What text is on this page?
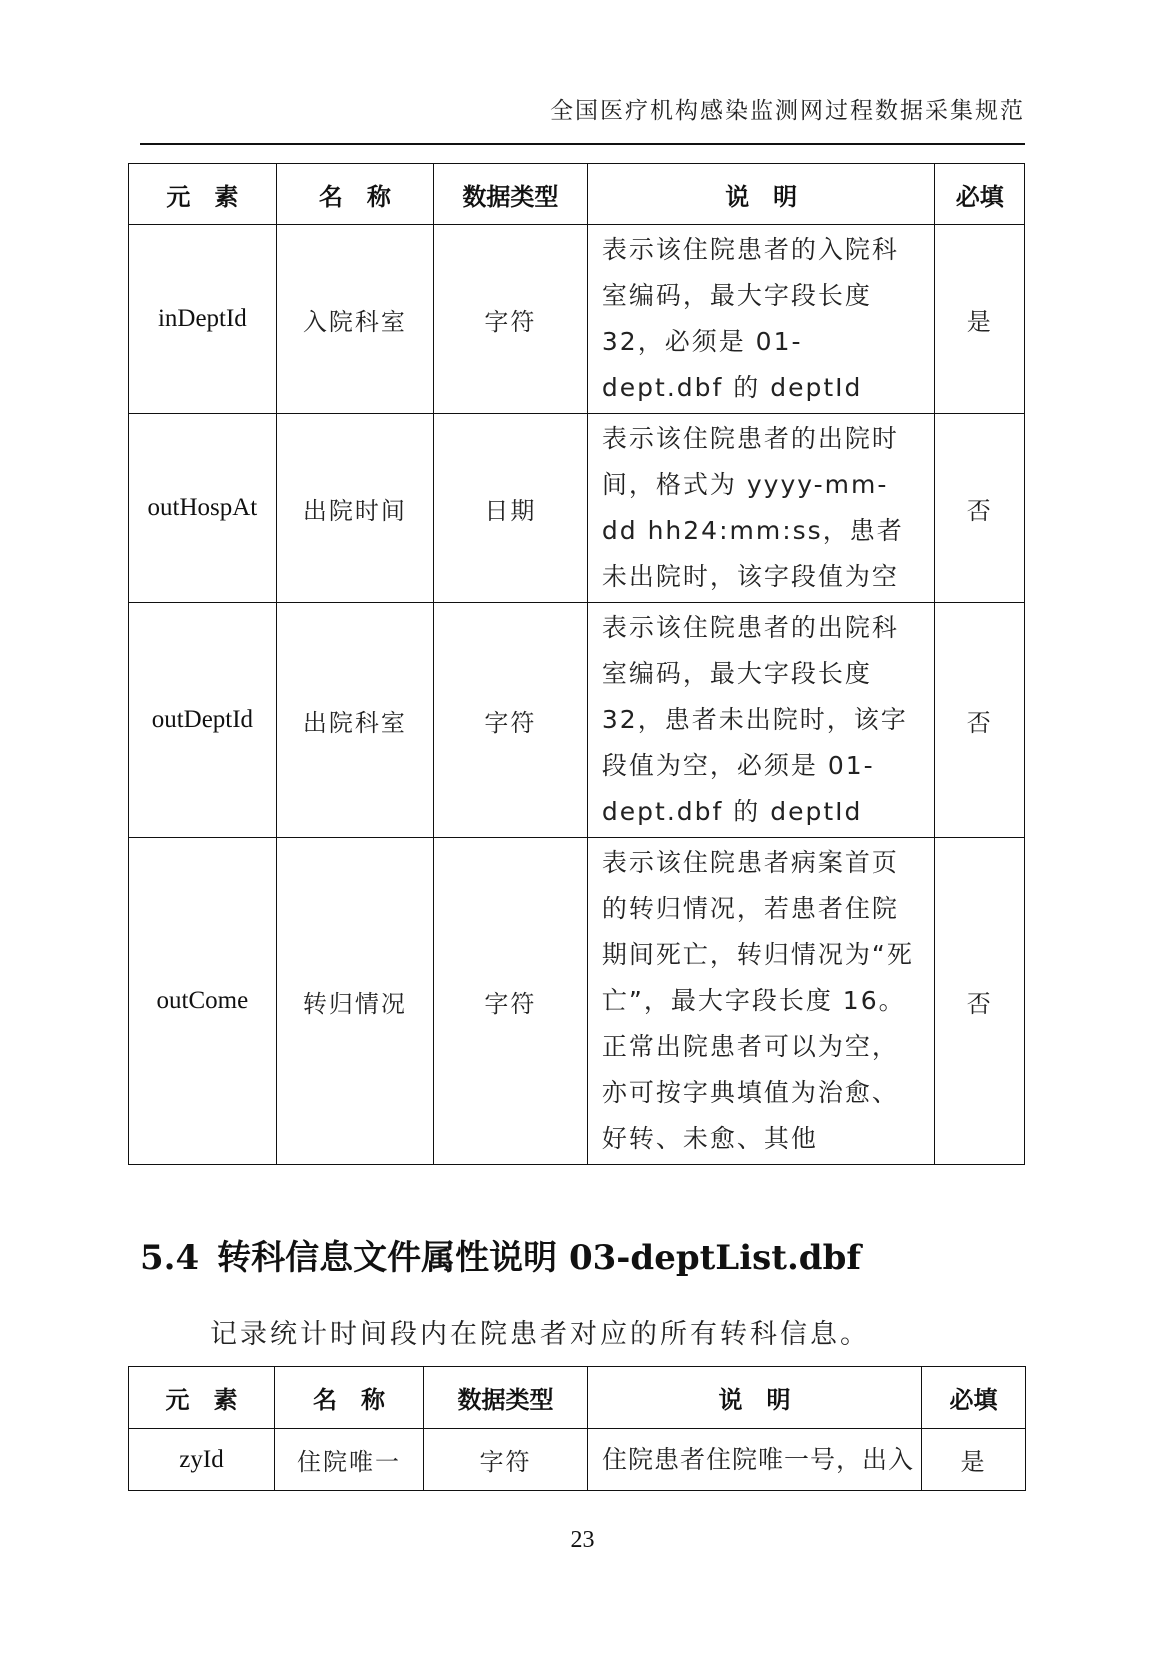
全国医疗机构感染监测网过程数据采集规范
元　素	名　称	数据类型	说　明	必填
inDeptId	入院科室	字符	表示该住院患者的入院科室编码，最大字段长度32，必须是 01-dept.dbf 的 deptId	是
outHospAt	出院时间	日期	表示该住院患者的出院时间，格式为 yyyy-mm-dd hh24:mm:ss，患者未出院时，该字段值为空	否
outDeptId	出院科室	字符	表示该住院患者的出院科室编码，最大字段长度32，患者未出院时，该字段值为空，必须是 01-dept.dbf 的 deptId	否
outCome	转归情况	字符	表示该住院患者病案首页的转归情况，若患者住院期间死亡，转归情况为“死亡”，最大字段长度 16。正常出院患者可以为空，亦可按字典填值为治愈、好转、未愈、其他	否
5.4 转科信息文件属性说明 03-deptList.dbf
记录统计时间段内在院患者对应的所有转科信息。
元　素	名　称	数据类型	说　明	必填
zyId	住院唯一	字符	住院患者住院唯一号，出入	是
23
